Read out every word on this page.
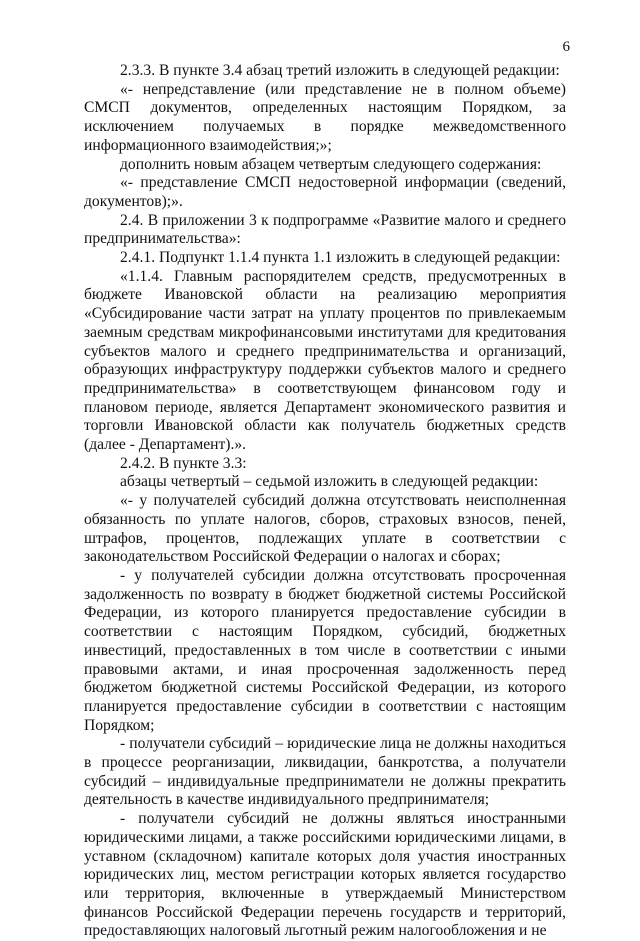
6

2.3.3. В пункте 3.4 абзац третий изложить в следующей редакции:

«- непредставление (или представление не в полном объеме) СМСП документов, определенных настоящим Порядком, за исключением получаемых в порядке межведомственного информационного взаимодействия;»;

дополнить новым абзацем четвертым следующего содержания:

«- представление СМСП недостоверной информации (сведений, документов);».

2.4. В приложении 3 к подпрограмме «Развитие малого и среднего предпринимательства»:

2.4.1. Подпункт 1.1.4 пункта 1.1 изложить в следующей редакции:

«1.1.4. Главным распорядителем средств, предусмотренных в бюджете Ивановской области на реализацию мероприятия «Субсидирование части затрат на уплату процентов по привлекаемым заемным средствам микрофинансовыми институтами для кредитования субъектов малого и среднего предпринимательства и организаций, образующих инфраструктуру поддержки субъектов малого и среднего предпринимательства» в соответствующем финансовом году и плановом периоде, является Департамент экономического развития и торговли Ивановской области как получатель бюджетных средств (далее - Департамент).».

2.4.2. В пункте 3.3:

абзацы четвертый – седьмой изложить в следующей редакции:

«- у получателей субсидий должна отсутствовать неисполненная обязанность по уплате налогов, сборов, страховых взносов, пеней, штрафов, процентов, подлежащих уплате в соответствии с законодательством Российской Федерации о налогах и сборах;

- у получателей субсидии должна отсутствовать просроченная задолженность по возврату в бюджет бюджетной системы Российской Федерации, из которого планируется предоставление субсидии в соответствии с настоящим Порядком, субсидий, бюджетных инвестиций, предоставленных в том числе в соответствии с иными правовыми актами, и иная просроченная задолженность перед бюджетом бюджетной системы Российской Федерации, из которого планируется предоставление субсидии в соответствии с настоящим Порядком;

- получатели субсидий – юридические лица не должны находиться в процессе реорганизации, ликвидации, банкротства, а получатели субсидий – индивидуальные предприниматели не должны прекратить деятельность в качестве индивидуального предпринимателя;

- получатели субсидий не должны являться иностранными юридическими лицами, а также российскими юридическими лицами, в уставном (складочном) капитале которых доля участия иностранных юридических лиц, местом регистрации которых является государство или территория, включенные в утверждаемый Министерством финансов Российской Федерации перечень государств и территорий, предоставляющих налоговый льготный режим налогообложения и не
